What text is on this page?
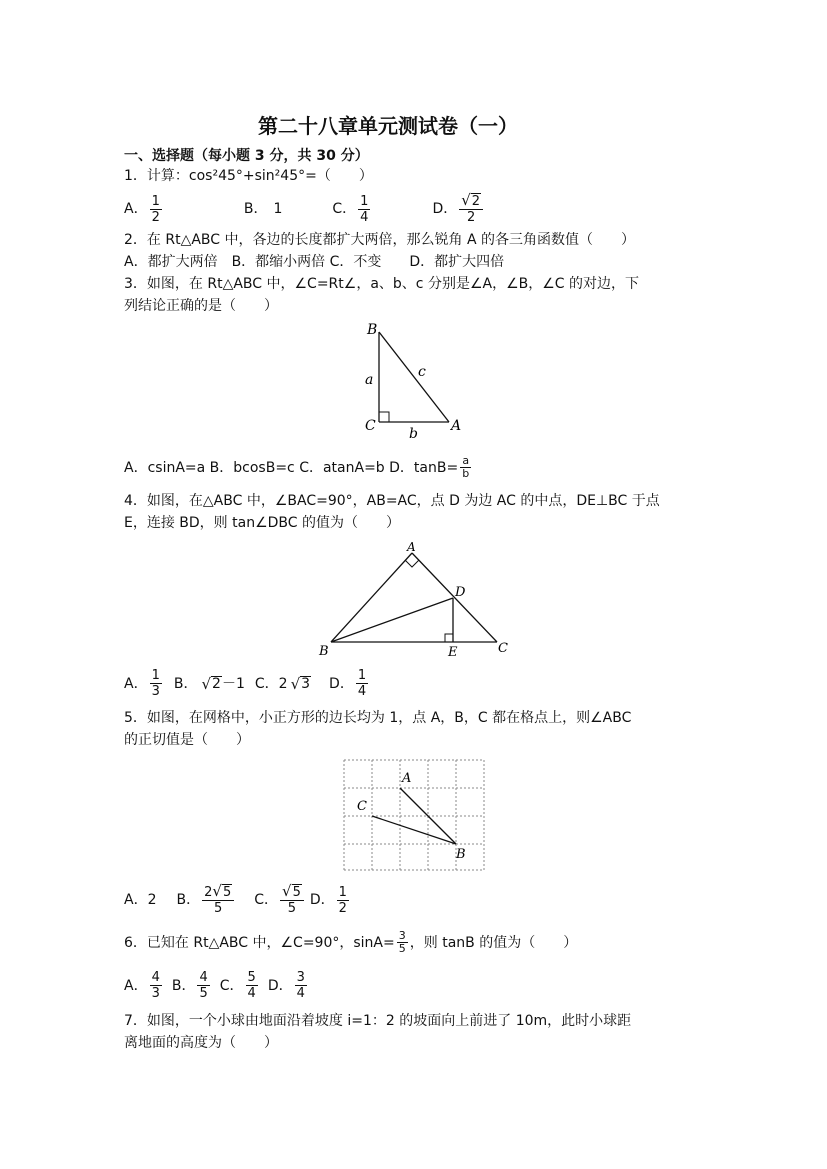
第二十八章单元测试卷（一）
一、选择题（每小题 3 分，共 30 分）
1．计算：cos²45°+sin²45°=（　　）
A． $\frac{1}{2}$	B． 1	C． $\frac{1}{4}$	D． $\frac{√2}{2}$
2．在 Rt△ABC 中，各边的长度都扩大两倍，那么锐角 A 的各三角函数值（　　）
A．都扩大两倍　B．都缩小两倍 C．不变　　D．都扩大四倍
3．如图，在 Rt△ABC 中，∠C=Rt∠，a、b、c 分别是∠A，∠B，∠C 的对边，下
列结论正确的是（　　）
B
C	A
a
b
c
A．csinA=a B．bcosB=c C．atanA=b D．$\tan B= \frac{a}{b}$
4．如图，在△ABC 中，∠BAC=90°，AB=AC，点 D 为边 AC 的中点，DE⊥BC 于点
E，连接 BD，则 tan∠DBC 的值为（　　）
A
B	C
D
E
A． $\frac{1}{3}$ B． √ 2 －1 C．2 √ 3 D． $\frac{1}{4}$
5．如图，在网格中，小正方形的边长均为 1，点 A，B，C 都在格点上，则∠ABC
的正切值是（　　）
A
C
B
A．2 B． $\frac{2√5}{5}$ C． $\frac{√5}{5}$ D． $\frac{1}{2}$
6．已知在 Rt△ABC 中，∠C=90°，$\sin A= \frac{3}{5}$ ，则 tanB 的值为（　　）
A． $\frac{4}{3}$ B． $\frac{4}{5}$ C． $\frac{5}{4}$ D． $\frac{3}{4}$
7．如图，一个小球由地面沿着坡度 i=1：2 的坡面向上前进了 10m，此时小球距
离地面的高度为（　　）
